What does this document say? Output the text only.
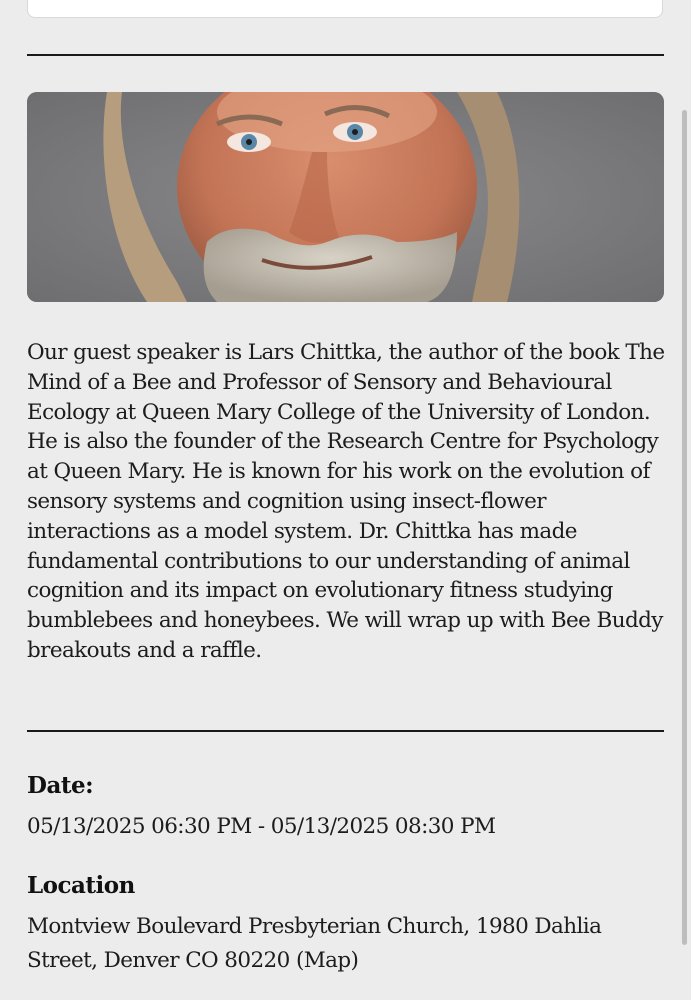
Our guest speaker is Lars Chittka, the author of the book The Mind of a Bee and Professor of Sensory and Behavioural Ecology at Queen Mary College of the University of London. He is also the founder of the Research Centre for Psychology at Queen Mary. He is known for his work on the evolution of sensory systems and cognition using insect-flower interactions as a model system. Dr. Chittka has made fundamental contributions to our understanding of animal cognition and its impact on evolutionary fitness studying bumblebees and honeybees. We will wrap up with Bee Buddy breakouts and a raffle.

Date:

05/13/2025 06:30 PM - 05/13/2025 08:30 PM

Location

Montview Boulevard Presbyterian Church, 1980 Dahlia Street, Denver CO 80220 (Map)
